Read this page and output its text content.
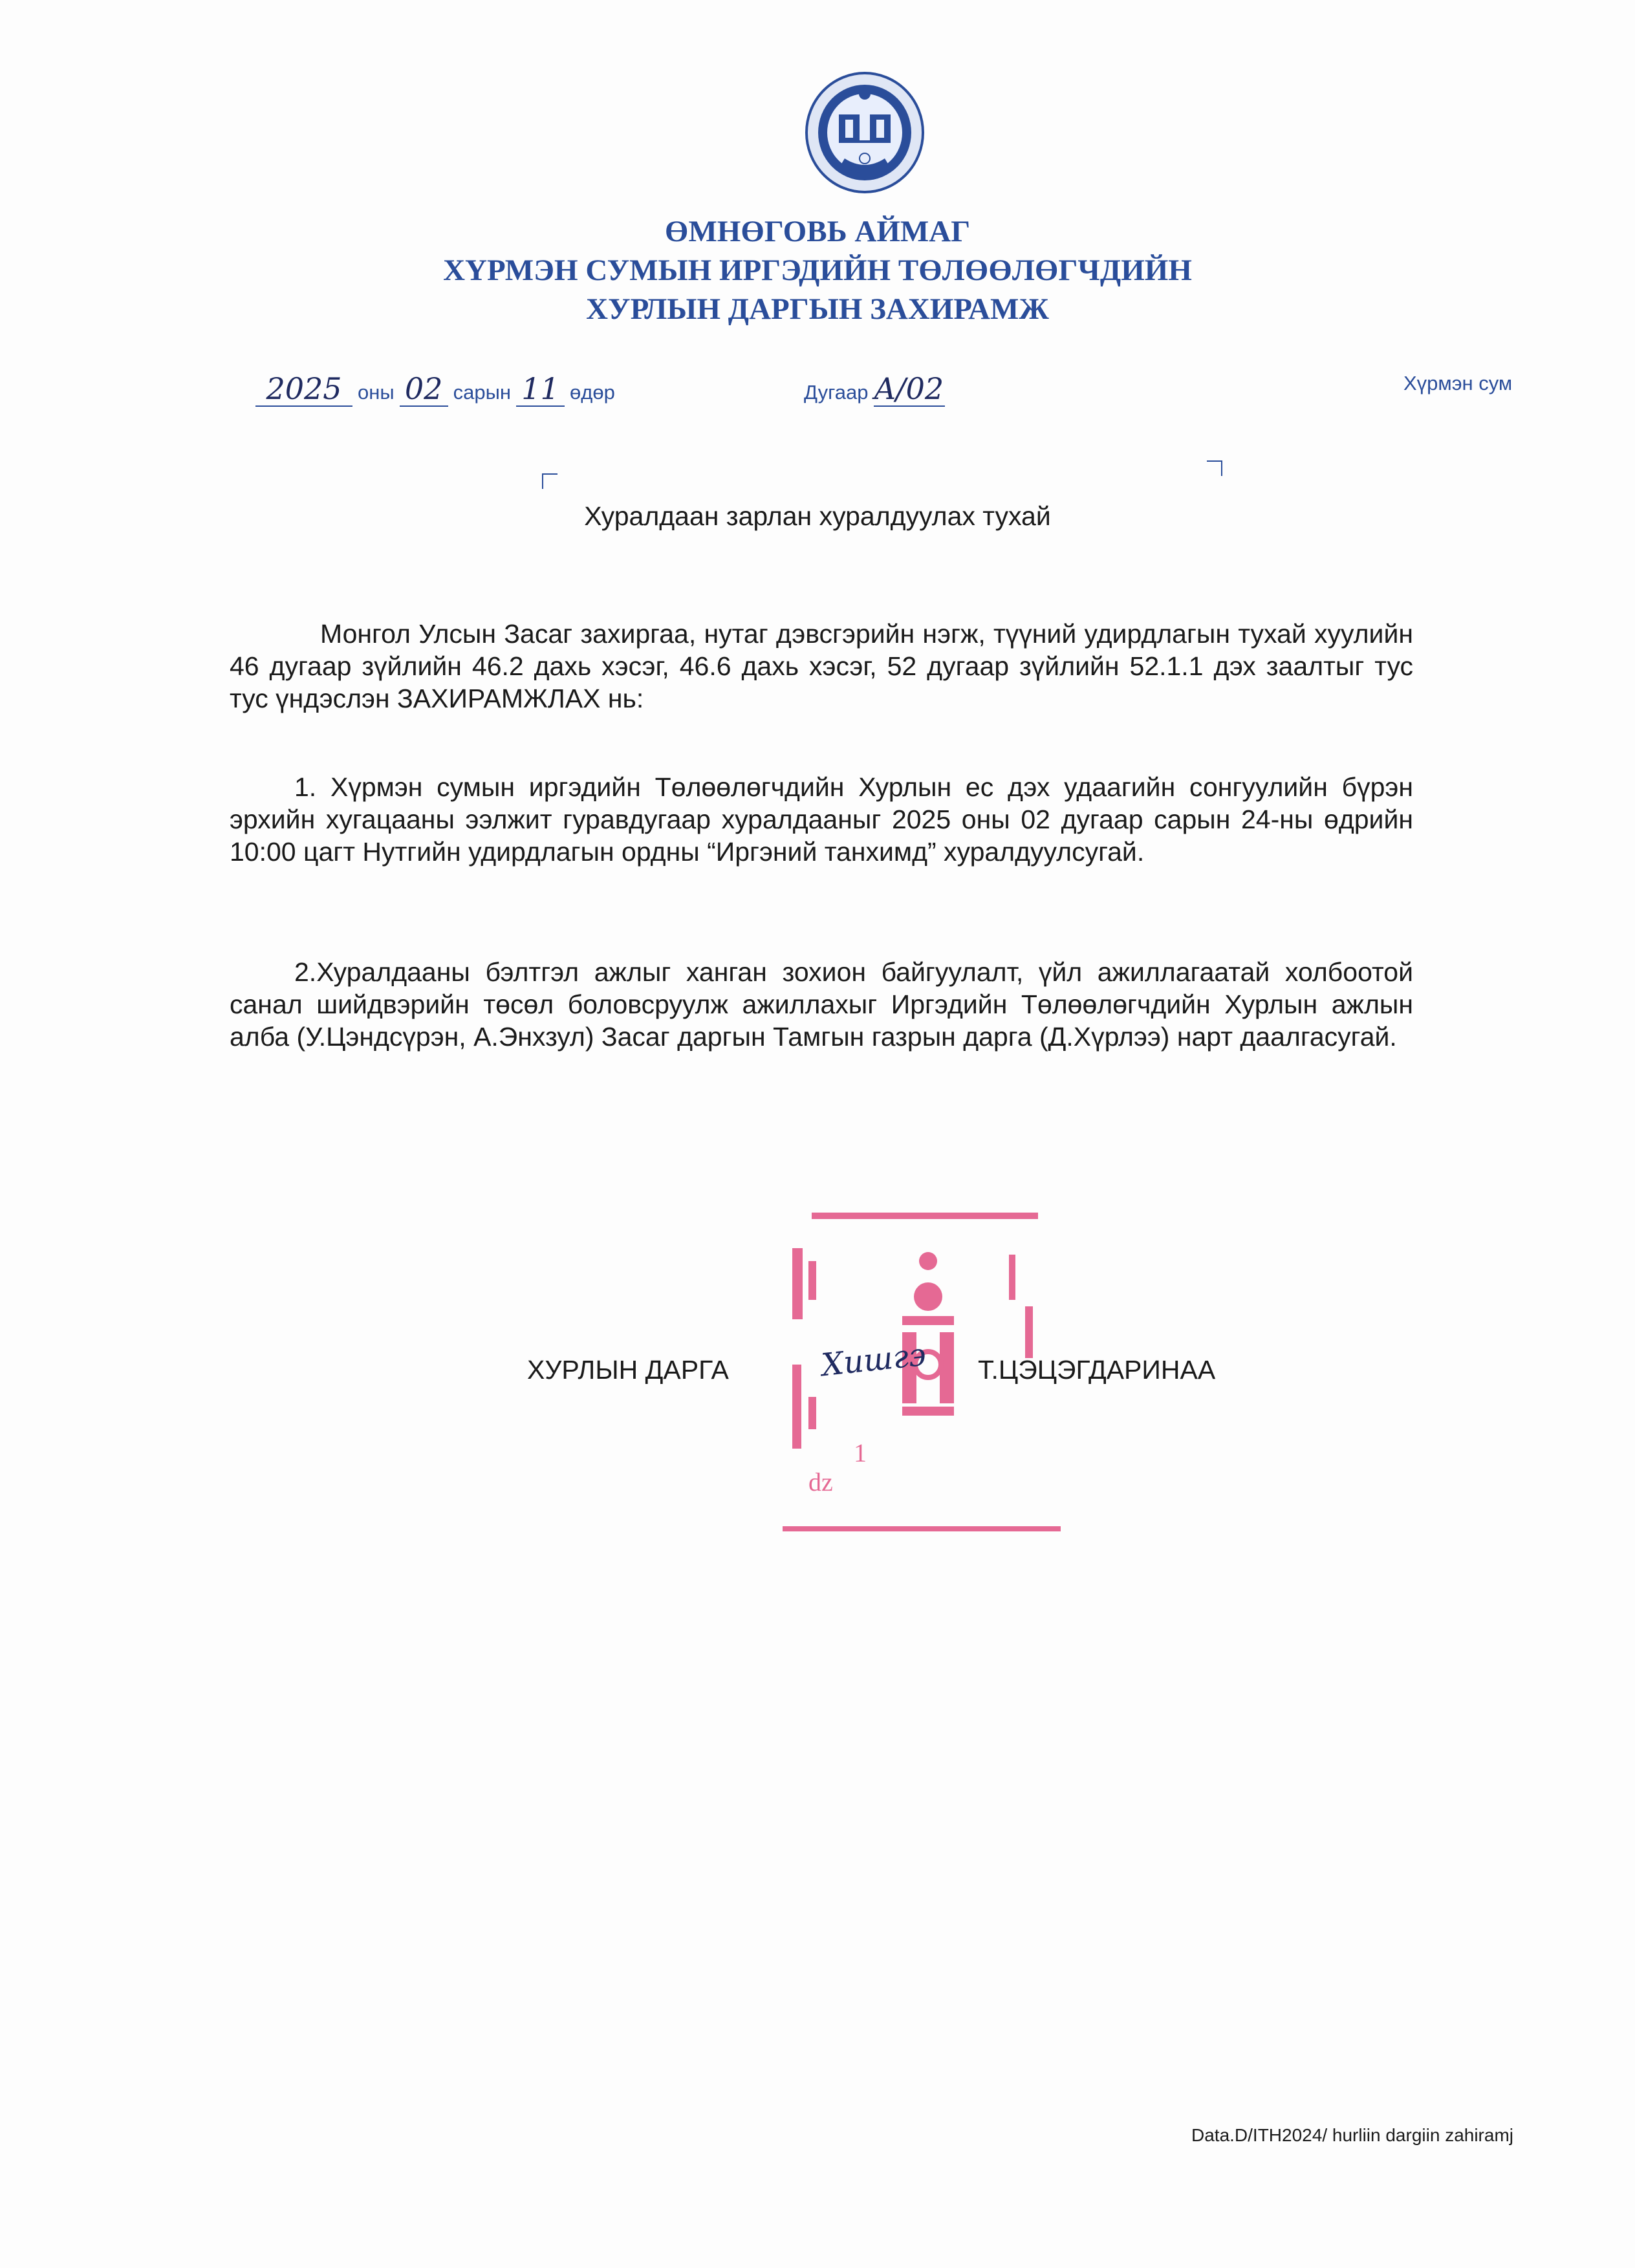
ӨМНӨГОВЬ АЙМАГ
ХҮРМЭН СУМЫН ИРГЭДИЙН ТӨЛӨӨЛӨГЧДИЙН
ХУРЛЫН ДАРГЫН ЗАХИРАМЖ
2025 оны 02 сарын 11 өдөр	Дугаар A/02	Хүрмэн сум
Хуралдаан зарлан хуралдуулах тухай
Монгол Улсын Засаг захиргаа, нутаг дэвсгэрийн нэгж, түүний удирдлагын тухай хуулийн 46 дугаар зүйлийн 46.2 дахь хэсэг, 46.6 дахь хэсэг, 52 дугаар зүйлийн 52.1.1 дэх заалтыг тус тус үндэслэн ЗАХИРАМЖЛАХ нь:
1. Хүрмэн сумын иргэдийн Төлөөлөгчдийн Хурлын ес дэх удаагийн сонгуулийн бүрэн эрхийн хугацааны ээлжит гуравдугаар хуралдааныг 2025 оны 02 дугаар сарын 24-ны өдрийн 10:00 цагт Нутгийн удирдлагын ордны “Иргэний танхимд” хуралдуулсугай.
2.Хуралдааны бэлтгэл ажлыг ханган зохион байгуулалт, үйл ажиллагаатай холбоотой санал шийдвэрийн төсөл боловсруулж ажиллахыг Иргэдийн Төлөөлөгчдийн Хурлын ажлын алба (У.Цэндсүрэн, А.Энхзул) Засаг даргын Тамгын газрын дарга (Д.Хүрлээ) нарт даалгасугай.
ǳ
1
ХУРЛЫН ДАРГА	Хишгэ Т.ЦЭЦЭГДАРИНАА
Data.D/ITH2024/ hurliin dargiin zahiramj
